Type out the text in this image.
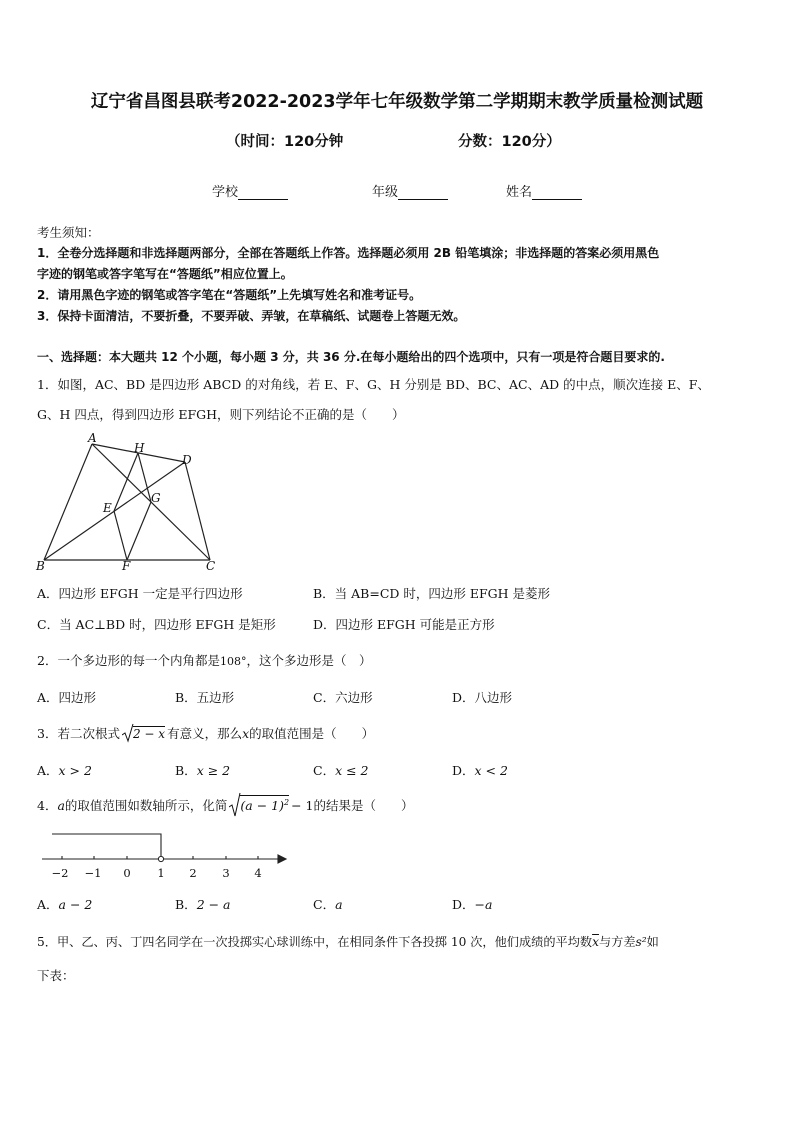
辽宁省昌图县联考2022-2023学年七年级数学第二学期期末教学质量检测试题
（时间：120分钟	分数：120分）
学校	年级	姓名
考生须知：
1．全卷分选择题和非选择题两部分，全部在答题纸上作答。选择题必须用 2B 铅笔填涂；非选择题的答案必须用黑色
字迹的钢笔或答字笔写在“答题纸”相应位置上。
2．请用黑色字迹的钢笔或答字笔在“答题纸”上先填写姓名和准考证号。
3．保持卡面清洁，不要折叠，不要弄破、弄皱，在草稿纸、试题卷上答题无效。
一、选择题：本大题共 12 个小题，每小题 3 分，共 36 分.在每小题给出的四个选项中，只有一项是符合题目要求的.
1．如图，AC、BD 是四边形 ABCD 的对角线，若 E、F、G、H 分别是 BD、BC、AC、AD 的中点，顺次连接 E、F、
G、H 四点，得到四边形 EFGH，则下列结论不正确的是（　　）
A
H
D
G
E
B	F	C
A．四边形 EFGH 一定是平行四边形	B．当 AB=CD 时，四边形 EFGH 是菱形
C．当 AC⊥BD 时，四边形 EFGH 是矩形	D．四边形 EFGH 可能是正方形
2．一个多边形的每一个内角都是108°，这个多边形是（　）
A．四边形	B．五边形	C．六边形	D．八边形
3．若二次根式 2 − x 有意义，那么x的取值范围是（　　）
A．x > 2	B．x ≥ 2	C．x ≤ 2	D．x < 2
4．a的取值范围如数轴所示，化简 $(a - 1)^2 - 1$的结果是（　　）
−2 −1 0 1 2 3 4
A．a − 2	B．2 − a	C．a	D．−a
5．甲、乙、丙、丁四名同学在一次投掷实心球训练中，在相同条件下各投掷 10 次，他们成绩的平均数$\overline{x}$与方差s²如
下表：
